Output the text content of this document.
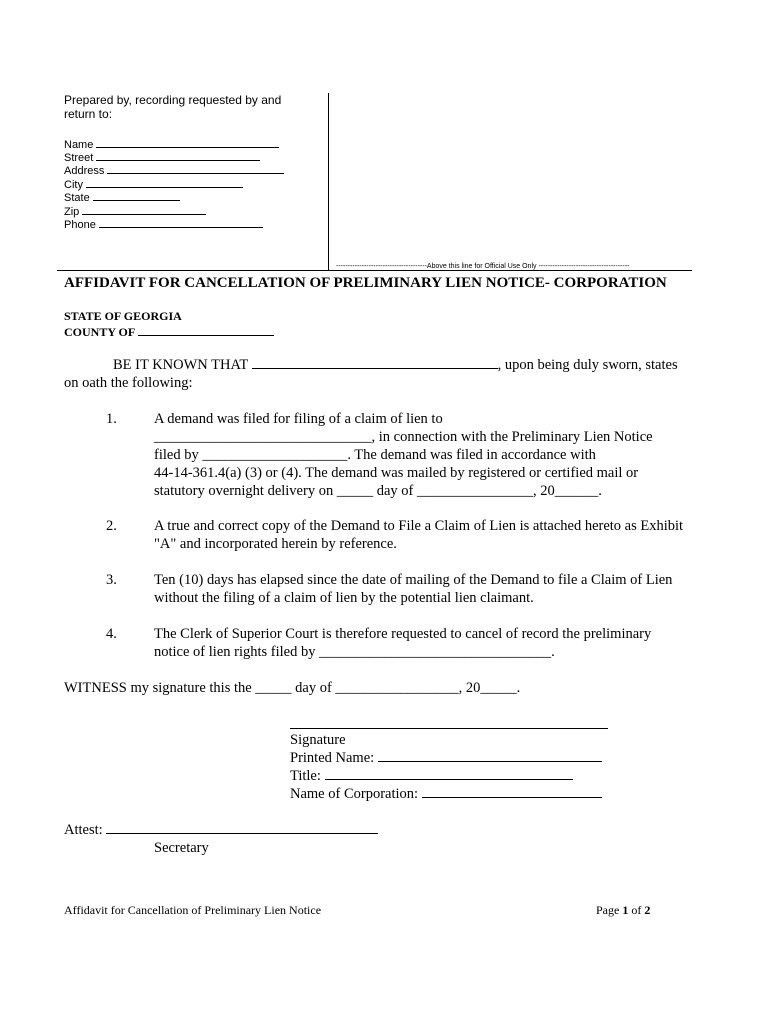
Prepared by, recording requested by and return to:
Name
Street
Address
City
State
Zip
Phone
---------------------------------------Above this line for Official Use Only ---------------------------------------
AFFIDAVIT FOR CANCELLATION OF PRELIMINARY LIEN NOTICE- CORPORATION
STATE OF GEORGIA
COUNTY OF
BE IT KNOWN THAT	, upon being duly sworn, states
on oath the following:
1.	A demand was filed for filing of a claim of lien to
______________________________, in connection with the Preliminary Lien Notice
filed by ____________________. The demand was filed in accordance with
44-14-361.4(a) (3) or (4). The demand was mailed by registered or certified mail or
statutory overnight delivery on _____ day of ________________, 20______.
2.	A true and correct copy of the Demand to File a Claim of Lien is attached hereto as Exhibit
"A" and incorporated herein by reference.
3.	Ten (10) days has elapsed since the date of mailing of the Demand to file a Claim of Lien
without the filing of a claim of lien by the potential lien claimant.
4.	The Clerk of Superior Court is therefore requested to cancel of record the preliminary
notice of lien rights filed by ________________________________.
WITNESS my signature this the _____ day of _________________, 20_____.
Signature
Printed Name:
Title:
Name of Corporation:
Attest:
Secretary
Affidavit for Cancellation of Preliminary Lien Notice	Page 1 of 2
